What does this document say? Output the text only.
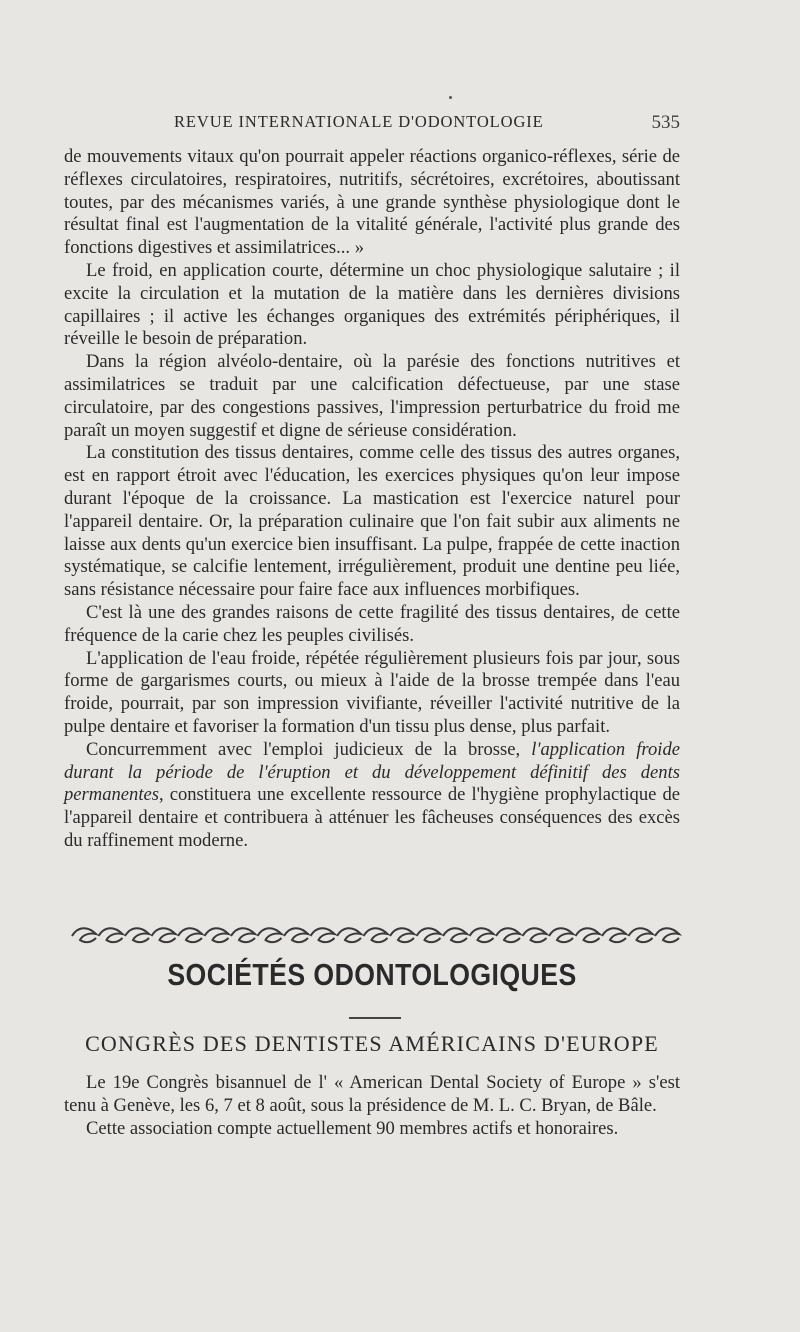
REVUE INTERNATIONALE D'ODONTOLOGIE	535

de mouvements vitaux qu'on pourrait appeler réactions organico-réflexes, série de réflexes circulatoires, respiratoires, nutritifs, sécrétoires, excrétoires, aboutissant toutes, par des mécanismes variés, à une grande synthèse physiologique dont le résultat final est l'augmentation de la vitalité générale, l'activité plus grande des fonctions digestives et assimilatrices... »

Le froid, en application courte, détermine un choc physiologique salutaire ; il excite la circulation et la mutation de la matière dans les dernières divisions capillaires ; il active les échanges organiques des extrémités périphériques, il réveille le besoin de préparation.

Dans la région alvéolo-dentaire, où la parésie des fonctions nutritives et assimilatrices se traduit par une calcification défectueuse, par une stase circulatoire, par des congestions passives, l'impression perturbatrice du froid me paraît un moyen suggestif et digne de sérieuse considération.

La constitution des tissus dentaires, comme celle des tissus des autres organes, est en rapport étroit avec l'éducation, les exercices physiques qu'on leur impose durant l'époque de la croissance. La mastication est l'exercice naturel pour l'appareil dentaire. Or, la préparation culinaire que l'on fait subir aux aliments ne laisse aux dents qu'un exercice bien insuffisant. La pulpe, frappée de cette inaction systématique, se calcifie lentement, irrégulièrement, produit une dentine peu liée, sans résistance nécessaire pour faire face aux influences morbifiques.

C'est là une des grandes raisons de cette fragilité des tissus dentaires, de cette fréquence de la carie chez les peuples civilisés.

L'application de l'eau froide, répétée régulièrement plusieurs fois par jour, sous forme de gargarismes courts, ou mieux à l'aide de la brosse trempée dans l'eau froide, pourrait, par son impression vivifiante, réveiller l'activité nutritive de la pulpe dentaire et favoriser la formation d'un tissu plus dense, plus parfait.

Concurremment avec l'emploi judicieux de la brosse, l'application froide durant la période de l'éruption et du développement définitif des dents permanentes, constituera une excellente ressource de l'hygiène prophylactique de l'appareil dentaire et contribuera à atténuer les fâcheuses conséquences des excès du raffinement moderne.

SOCIÉTÉS ODONTOLOGIQUES
CONGRÈS DES DENTISTES AMÉRICAINS D'EUROPE

Le 19e Congrès bisannuel de l' « American Dental Society of Europe » s'est tenu à Genève, les 6, 7 et 8 août, sous la présidence de M. L. C. Bryan, de Bâle.

Cette association compte actuellement 90 membres actifs et honoraires.
